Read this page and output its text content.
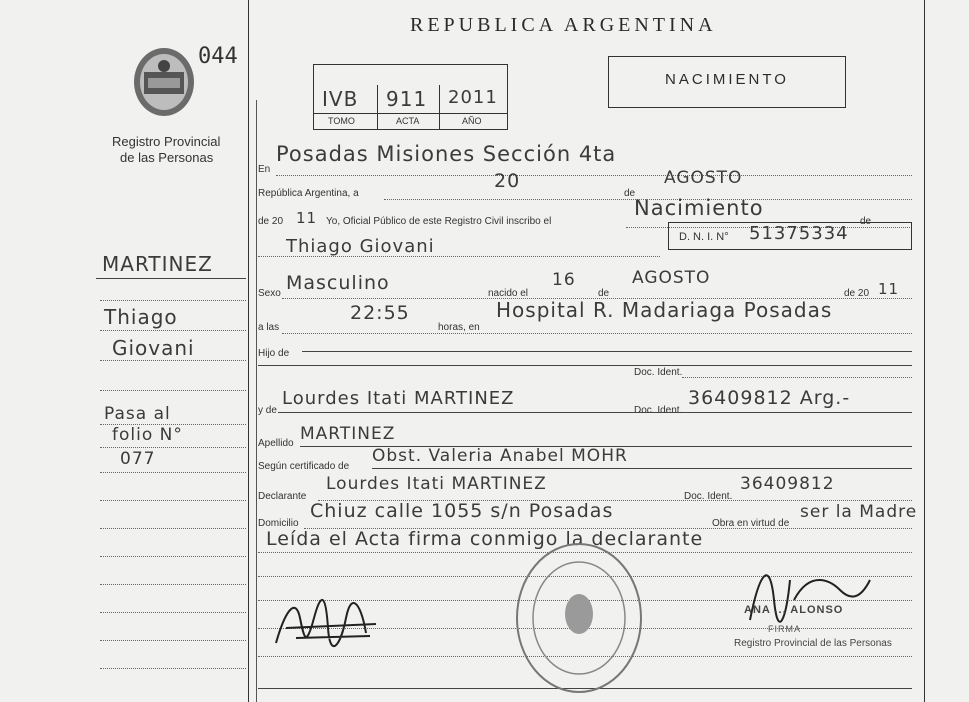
REPUBLICA ARGENTINA
NACIMIENTO
044
Registro Provincial
de las Personas
IVB 911 2011
TOMO	ACTA	AÑO
MARTINEZ
Thiago
Giovani
Pasa al
folio N°
077
En
Posadas Misiones Sección 4ta
República Argentina, a
20
de
AGOSTO
de 20 11 Yo, Oficial Público de este Registro Civil inscribo el
Nacimiento
de
Thiago Giovani	D. N. I. N° 51375334
Sexo Masculino	nacido el
16
de
AGOSTO
de 20 11
a las
22:55
horas, en
Hospital R. Madariaga Posadas
Hijo de
Doc. Ident.
y de
Lourdes Itati MARTINEZ
Doc. Ident.
36409812 Arg.-
Apellido MARTINEZ
Según certificado de
Obst. Valeria Anabel MOHR
Declarante
Lourdes Itati MARTINEZ
Doc. Ident.
36409812
Domicilio
Chiuz calle 1055 s/n Posadas
Obra en virtud de
ser la Madre
Leída el Acta firma conmigo la declarante
ANA ... ALONSO
FIRMA
Registro Provincial de las Personas
